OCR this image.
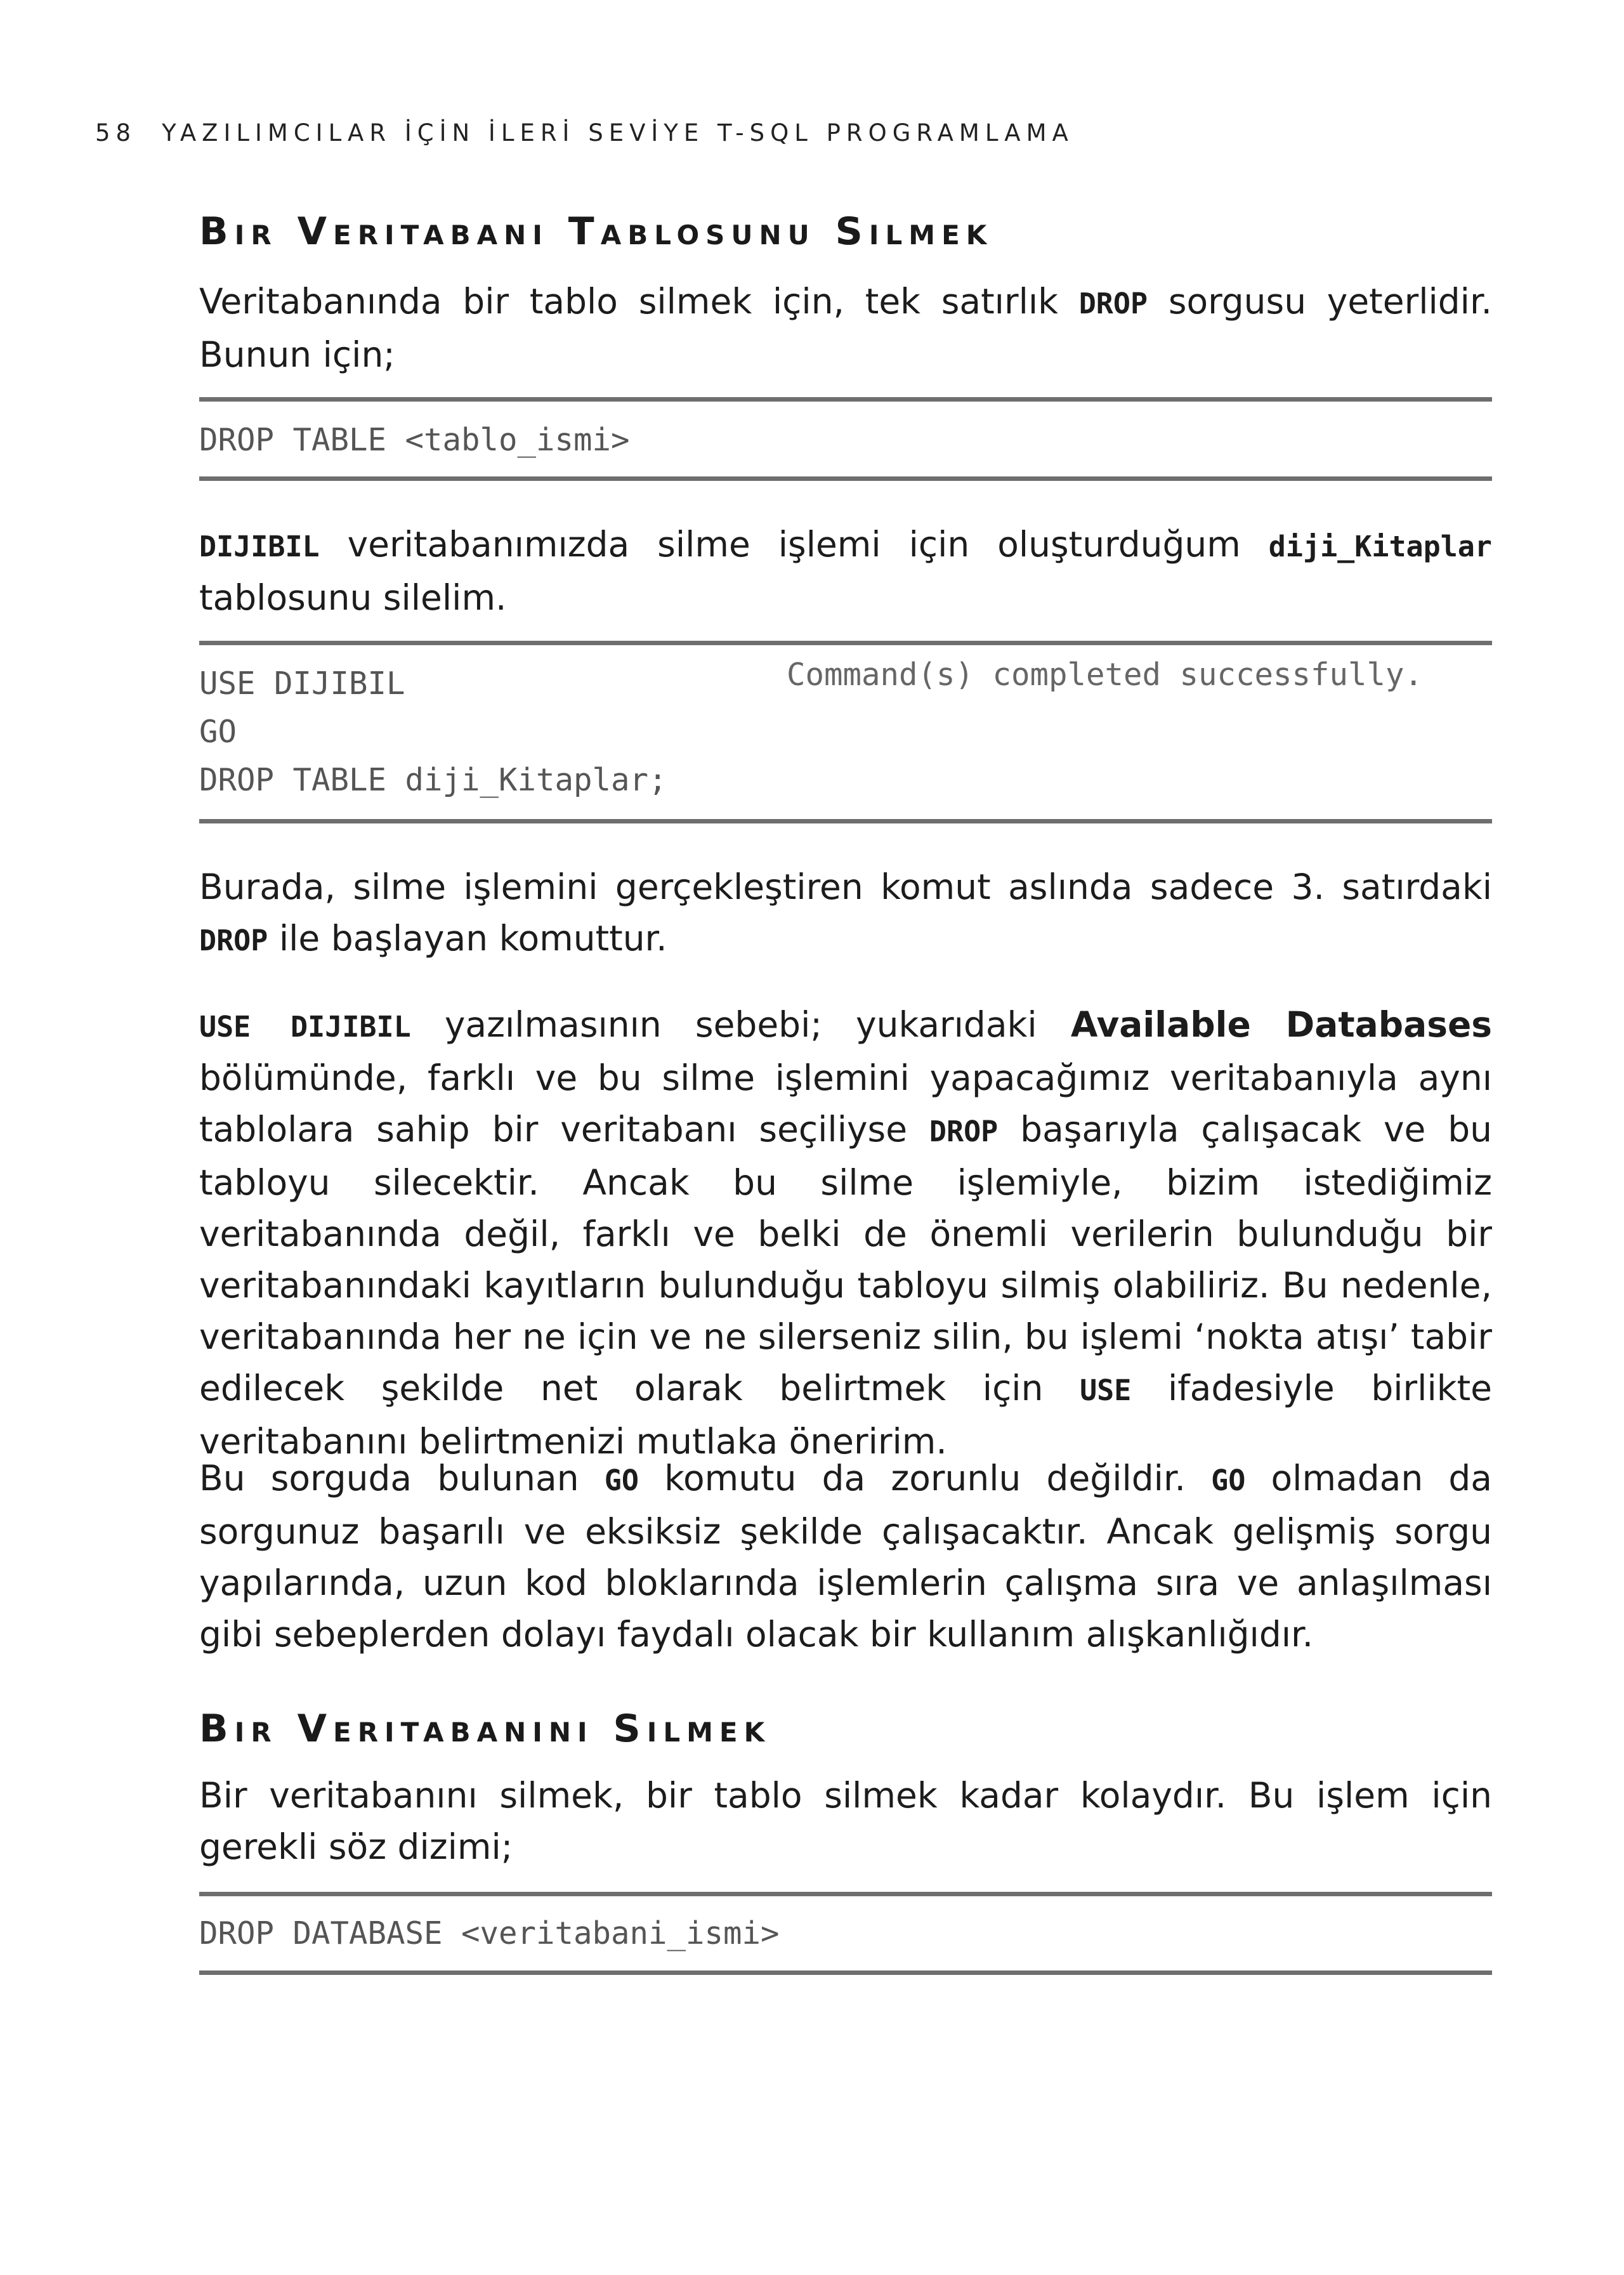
58 YAZILIMCILAR İÇİN İLERİ SEVİYE T-SQL PROGRAMLAMA
Bir Veritabanı Tablosunu Silmek

Veritabanında bir tablo silmek için, tek satırlık DROP sorgusu yeterlidir. Bunun için;

DROP TABLE <tablo_ismi>

DIJIBIL veritabanımızda silme işlemi için oluşturduğum diji_Kitaplar tablosunu silelim.

USE DIJIBIL
GO
DROP TABLE diji_Kitaplar;
Command(s) completed successfully.

Burada, silme işlemini gerçekleştiren komut aslında sadece 3. satırdaki DROP ile başlayan komuttur.

USE DIJIBIL yazılmasının sebebi; yukarıdaki Available Databases bölümünde, farklı ve bu silme işlemini yapacağımız veritabanıyla aynı tablolara sahip bir veritabanı seçiliyse DROP başarıyla çalışacak ve bu tabloyu silecektir. Ancak bu silme işlemiyle, bizim istediğimiz veritabanında değil, farklı ve belki de önemli verilerin bulunduğu bir veritabanındaki kayıtların bulunduğu tabloyu silmiş olabiliriz. Bu nedenle, veritabanında her ne için ve ne silerseniz silin, bu işlemi ‘nokta atışı’ tabir edilecek şekilde net olarak belirtmek için USE ifadesiyle birlikte veritabanını belirtmenizi mutlaka öneririm.

Bu sorguda bulunan GO komutu da zorunlu değildir. GO olmadan da sorgunuz başarılı ve eksiksiz şekilde çalışacaktır. Ancak gelişmiş sorgu yapılarında, uzun kod bloklarında işlemlerin çalışma sıra ve anlaşılması gibi sebeplerden dolayı faydalı olacak bir kullanım alışkanlığıdır.

Bir Veritabanını Silmek

Bir veritabanını silmek, bir tablo silmek kadar kolaydır. Bu işlem için gerekli söz dizimi;

DROP DATABASE <veritabani_ismi>
